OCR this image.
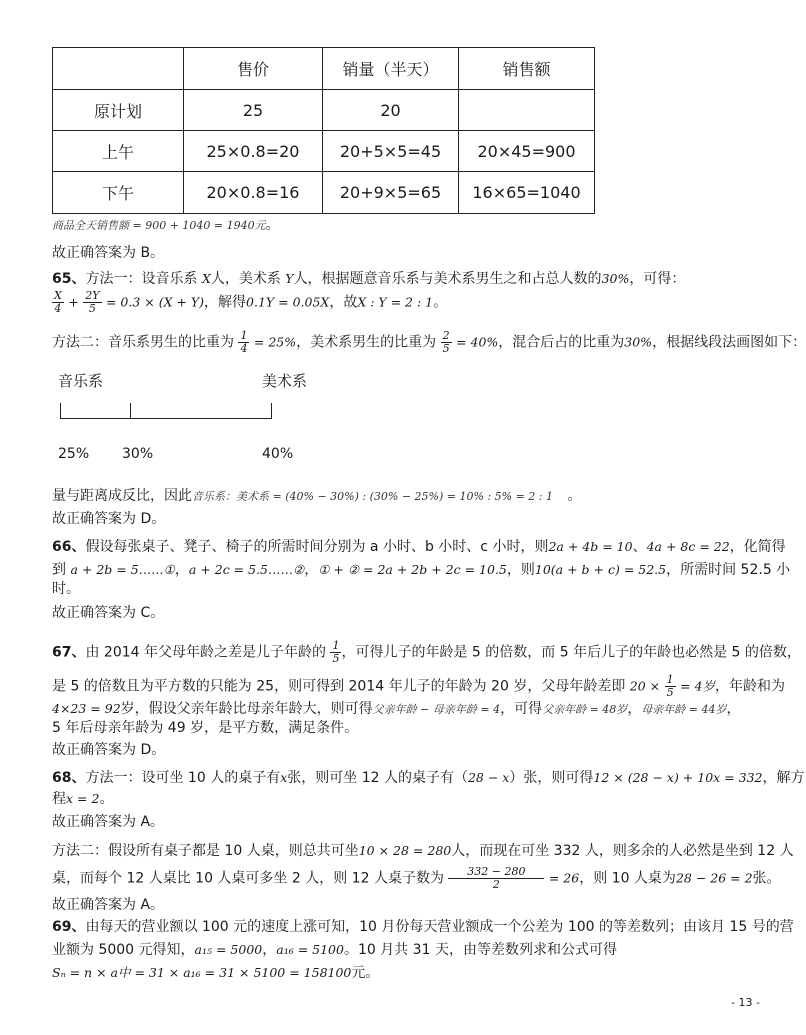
	售价	销量（半天）	销售额
原计划	25	20	
上午	25×0.8=20	20+5×5=45	20×45=900
下午	20×0.8=16	20+9×5=65	16×65=1040
商品全天销售额 = 900 + 1040 = 1940元。
故正确答案为 B。
65、方法一：设音乐系 X人，美术系 Y人，根据题意音乐系与美术系男生之和占总人数的30%，可得：
$\frac{X}{4} + \frac{2Y}{5} = 0.3 \times (X + Y)$，解得0.1Y = 0.05X，故X : Y = 2 : 1。
方法二：音乐系男生的比重为 $\frac{1}{4} = 25\%$，美术系男生的比重为 $\frac{2}{5} = 40\%$，混合后占的比重为30%，根据线段法画图如下：
音乐系	美术系
25% 30%	40%
量与距离成反比，因此音乐系：美术系 = (40% − 30%) : (30% − 25%) = 10% : 5% = 2 : 1 。
故正确答案为 D。
66、假设每张桌子、凳子、椅子的所需时间分别为 a 小时、b 小时、c 小时，则2a + 4b = 10、4a + 8c = 22，化简得
到 a + 2b = 5……①，a + 2c = 5.5……②，① + ② = 2a + 2b + 2c = 10.5，则10(a + b + c) = 52.5，所需时间 52.5 小
时。
故正确答案为 C。
67、由 2014 年父母年龄之差是儿子年龄的 $\frac{1}{5}$ ，可得儿子的年龄是 5 的倍数，而 5 年后儿子的年龄也必然是 5 的倍数，
是 5 的倍数且为平方数的只能为 25，则可得到 2014 年儿子的年龄为 20 岁，父母年龄差即 $20 \times \frac{1}{5} = 4$岁，年龄和为
4×23 = 92岁，假设父亲年龄比母亲年龄大，则可得父亲年龄 − 母亲年龄 = 4，可得父亲年龄 = 48岁，母亲年龄 = 44岁，
5 年后母亲年龄为 49 岁，是平方数，满足条件。
故正确答案为 D。
68、方法一：设可坐 10 人的桌子有x张，则可坐 12 人的桌子有（28 − x）张，则可得12 × (28 − x) + 10x = 332，解方
程x = 2。
故正确答案为 A。
方法二：假设所有桌子都是 10 人桌，则总共可坐10 × 28 = 280人，而现在可坐 332 人，则多余的人必然是坐到 12 人
桌，而每个 12 人桌比 10 人桌可多坐 2 人，则 12 人桌子数为 $\frac{332 - 280}{2} = 26$，则 10 人桌为28 − 26 = 2张。
故正确答案为 A。
69、由每天的营业额以 100 元的速度上涨可知，10 月份每天营业额成一个公差为 100 的等差数列；由该月 15 号的营
业额为 5000 元得知，a₁₅ = 5000，a₁₆ = 5100。10 月共 31 天，由等差数列求和公式可得
Sₙ = n × a中 = 31 × a₁₆ = 31 × 5100 = 158100元。
- 13 -
